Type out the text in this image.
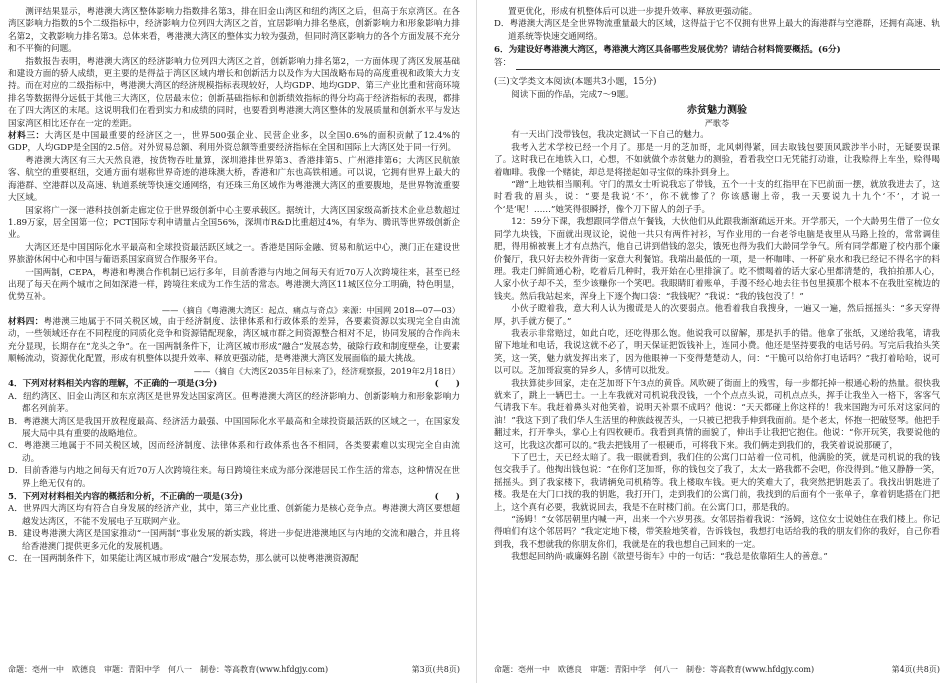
测评结果显示，粤港澳大湾区整体影响力指数排名第3，排在旧金山湾区和纽约湾区之后，但高于东京湾区。在各湾区影响力指数的5个二级指标中，经济影响力位列四大湾区之首，宜居影响力排名垫底，创新影响力和形象影响力排名第2，文教影响力排名第3。总体来看，粤港澳大湾区的整体实力较为强劲，但同时湾区影响力的各个方面发展不充分和不平衡的问题。

指数报告表明，粤港澳大湾区的经济影响力位列四大湾区之首，创新影响力排名第2，一方面体现了湾区发展基础和建设方面的骄人成绩，更主要的是得益于湾区区域内增长和创新活力以及作为大国战略布局的高度重视和政策大力支持。而在对应的二级指标中，粤港澳大湾区的经济规模指标表现较好，人均GDP、地均GDP、第三产业比重和营商环境排名等数据得分远低于其他三大湾区，位居最末位；创新基础指标和创新绩效指标的得分均高于经济指标的表现，都排在了四大湾区的末尾。这说明我们在看到实力和成绩的同时，也要看到粤港澳大湾区整体的发展质量和创新水平与发达国家湾区相比还存在一定的差距。

材料三：大湾区是中国最重要的经济区之一，世界500强企业、民营企业多，以全国0.6%的面积贡献了12.4%的GDP，人均GDP是全国的2.5倍。对外贸易总额、利用外资总额等重要经济指标在全国和国际上大湾区处于同一行列。

粤港澳大湾区有三大天然良港，按货物吞吐量算，深圳港排世界第3、香港排第5、广州港排第6；大湾区民航旅客、航空的重要枢纽，交通方面有堪称世界奇迹的港珠澳大桥，香港和广东也高铁相通。可以说，它拥有世界上最大的海港群、空港群以及高速、轨道系统等快速交通网络，有还珠三角区域作为粤港澳大湾区的重要腹地，是世界物流重要大区域。

国家将广一深一港科技创新走廊定位于世界级创新中心主要承载区。据统计，大湾区国家级高新技术企业总数超过1.89万家，居全国第一位；PCT国际专利申请量占全国56%，深圳市R&D比重超过4%，有华为、腾讯等世界级创新企业。

大湾区还是中国国际化水平最高和全球投资最活跃区域之一。香港是国际金融、贸易和航运中心，澳门正在建设世界旅游休闲中心和中国与葡语系国家商贸合作服务平台。

一国两制，CEPA，粤港和粤澳合作机制已运行多年，目前香港与内地之间每天有近70万人次跨境往来，甚至已经出现了每天在两个城市之间如深港一样，跨境往来成为工作生活的常态。粤港澳大湾区11城区位分工明确，特色明显，优势互补。

——（摘自《粤港澳大湾区：起点、痛点与奇点》来源：中国网 2018—07—03）

材料四：粤港澳三地属于不同关税区域，由于经济制度、法律体系和行政体系的差异，各要素资源以实现完全自由流动，一些领域还存在不同程度的同质化竞争和资源错配现象，湾区城市群之间资源整合相对不足，协同发展的合作尚未充分显现，长期存在“龙头之争”。在一国两制条件下，让湾区城市形成“融合”发展态势，破除行政和制度壁垒，让要素顺畅流动，资源优化配置，形成有机整体以提升效率、释放更强动能，是粤港澳大湾区发展面临的最大挑战。

——（摘自《大湾区2035年目标来了》，经济观察报，2019年2月18日）

4．下列对材料相关内容的理解，不正确的一项是(3分)	(　　)

A．纽约湾区、旧金山湾区和东京湾区是世界发达国家湾区。但粤港澳大湾区的经济影响力、创新影响力和形象影响力都名列前茅。

B．粤港澳大湾区是我国开放程度最高、经济活力最强、中国国际化水平最高和全球投资最活跃的区域之一，在国家发展大局中具有重要的战略地位。

C．粤港澳三地属于不同关税区域，因而经济制度、法律体系和行政体系也各不相同，各类要素难以实现完全自由流动。

D．目前香港与内地之间每天有近70万人次跨境往来。每日跨境往来成为部分深港居民工作生活的常态，这种情况在世界上绝无仅有的。

5．下列对材料相关内容的概括和分析，不正确的一项是(3分)	(　　)

A．世界四大湾区均有符合自身发展的经济产业，其中，第三产业比重、创新能力是核心竞争点。粤港澳大湾区要想超越发达湾区，不能不发展电子互联网产业。

B．建设粤港澳大湾区是国家推动“一国两制”事业发展的新实践，将进一步促进港澳地区与内地的交流和融合，并且将给香港澳门提供更多元化的发展机遇。

C．在一国两制条件下，如果能让湾区城市形成“融合”发展态势，那么就可以使粤港澳资源配

置更优化，形成有机整体后可以进一步提升效率、释放更强动能。

D．粤港澳大湾区是全世界物流重量最大的区域，这得益于它不仅拥有世界上最大的海港群与空港群，还拥有高速、轨道系统等快速交通网络。

6．为建设好粤港澳大湾区，粤港澳大湾区具备哪些发展优势？请结合材料简要概括。(6分)

答：

(三)文学类文本阅读(本题共3小题，15分)

阅读下面的作品，完成7～9题。

赤贫魅力测验
严歌苓

有一天出门没带钱包，我决定测试一下自己的魅力。

我考入艺术学校已经一个月了。那是一月的芝加哥，北风刺得紧，回去取钱包要顶风跋涉半小时，无疑要误课了。这时我已在地铁入口，心想，不如就做个赤贫魅力的测验，看看我空口无凭能打动谁，让我赊得上车坐，赊得喝着咖啡。我像一个赌徒，却总是将搓起如寻宝似的珠扑到身上。

“蹭”上地铁相当顺利。守门的黑女士听说我忘了带钱，五个一十支的红指甲在下巴前面一摆，就放我进去了，这时看我的眉头，说：“要是我说‘不’，你不就惨了？你该感谢上帝，我一天要说九十九个‘不’，才说一个‘是’呢！……”她笑得很瞬抒，像个刀下留人的刽子手。

12：59分下课，我想跟同学借点午餐钱，大伙他们从此跟我渐渐疏远开来。开学那天，一个大龄男生借了一位女同学九块钱，下面就出现议论，说他一共只有两件衬衫，写作业用的一台老爷电脑是夜里从马路上捡的，常常调佳肥，得用棉被裹上才有点热汽，他自己讲到借钱的忽尖，饿死也得为我们大龄同学争气。所有同学都避了校内那个廉价餐厅，我只好去校外背街一家意大利餐馆。我瑞出最低的一项，是一杯咖啡、一杯矿泉水和我已经记不得名字的料理。我走门鲜简通心粉，吃着后几种时，我开始在心里排演了。吃不惯喝着的话大家心里都清楚的，我拍拍那人心，人家小伙子却不关，至少该赚你一个笑吧。我眼睛盯着账单，手漫不经心地去往书包里摸那个根本不在我肚室梳边的钱夹。然后我站起来，浑身上下逐个掏口袋：“我钱呢？”我说：“我的钱包没了！”

小伙子瞪着我，意大利人认为搬谎是人的次要弱点。他看着我自我搜身，一遍又一遍，然后摇摇头：“多天穿得厚，扒手就方便了。”

我表示非常赔过，如此白吃，还吃得那么饱。他说我可以留解，那是扒手的错。他拿了张纸，又递给我笔，请我留下地址和电话，我说这就不必了，明天保证把饭钱补上，连同小费。他还是坚持要我的电话号码。写完后我抬头笑笑，这一笑，魅力就发挥出来了，因为他眼神一下变得楚楚动人，问：“干脆可以给你打电话吗？”我打着哈哈，说可以可以。芝加哥寂寞的异乡人，多情可以批发。

我扶算徒步回家，走在芝加哥下午3点的黄昏。风吹硬了街面上的残雪，每一步都托掉一根通心粉的热量。很快我就来了，跳上一辆巴士。一上车我就对司机说我没钱，一个个点点头说，司机点点头，挥手让我坐入一格下，客客气气请我下车。我赶着鼻头对他笑着，说明天补票不成吗？他说：“天天都碰上你这样的！我来国跑为可乐对这家问的油！”我这下到了我们华人生活里的种族歧视苦头，一只被已把我手伸到我面前。是个老太，怀抱一把破竖琴。他把手翻过来，打开拳头，掌心上有四枚硬币。我看到真情的面貌了，伸出手让我把它抱住。他说：“你开玩笑，我要说他的这可，比我这次都可以的。”我去把钱用了一根硬币，可将我下来。我们俩走到我们的，我笑着说说那硬了，

下了巴士，天已经太暗了。我一眼就看到，我们住的公寓门口站着一位司机，他满脸的笑，就是司机说的我的钱包交我手了。他掏出钱包说：“在你们芝加哥，你的钱包交了我了，太太一路我都不会吧，你没得到。”他又静静一笑，摇摇头。到了我家楼下，我请辆免司机稍等。我上楼取车钱。更大的笑难大了，我突然把钥匙丢了。我找出钥匙进了楼。我是在大门口找的我的钥匙，我打开门，走到我们的公寓门前，我找到的后面有个一张单子，拿着钥匙搭在门把上，这个真有必要，我就说回去，我是不在时楼门前。在公寓门口，那是我的。

“汤姆！”女邻居朝里内喊一声，出来一个六岁男孩。女邻居指着我说：“汤姆，这位女士说她住在我们楼上。你记得咱们有这个邻居吗？”我定定地下楼，带笑脸地笑着，告诉钱包，我想打电话给我的我的朋友们你的我好，自己你看到我，我不想就我的你朋友你们，我就是在的我也想自己回来的一定。

我想起回纳尚·戚廉姆名剧《欲望号街车》中的一句话：“我总是依靠陌生人的善意。”

命题：亳州一中　欧德良　审题：青阳中学　何八一　制卷：等高教育(www.hfdgjy.com)	第3页(共8页)	命题：亳州一中　欧德良　审题：青阳中学　何八一　制卷：等高教育(www.hfdgjy.com)	第4页(共8页)
